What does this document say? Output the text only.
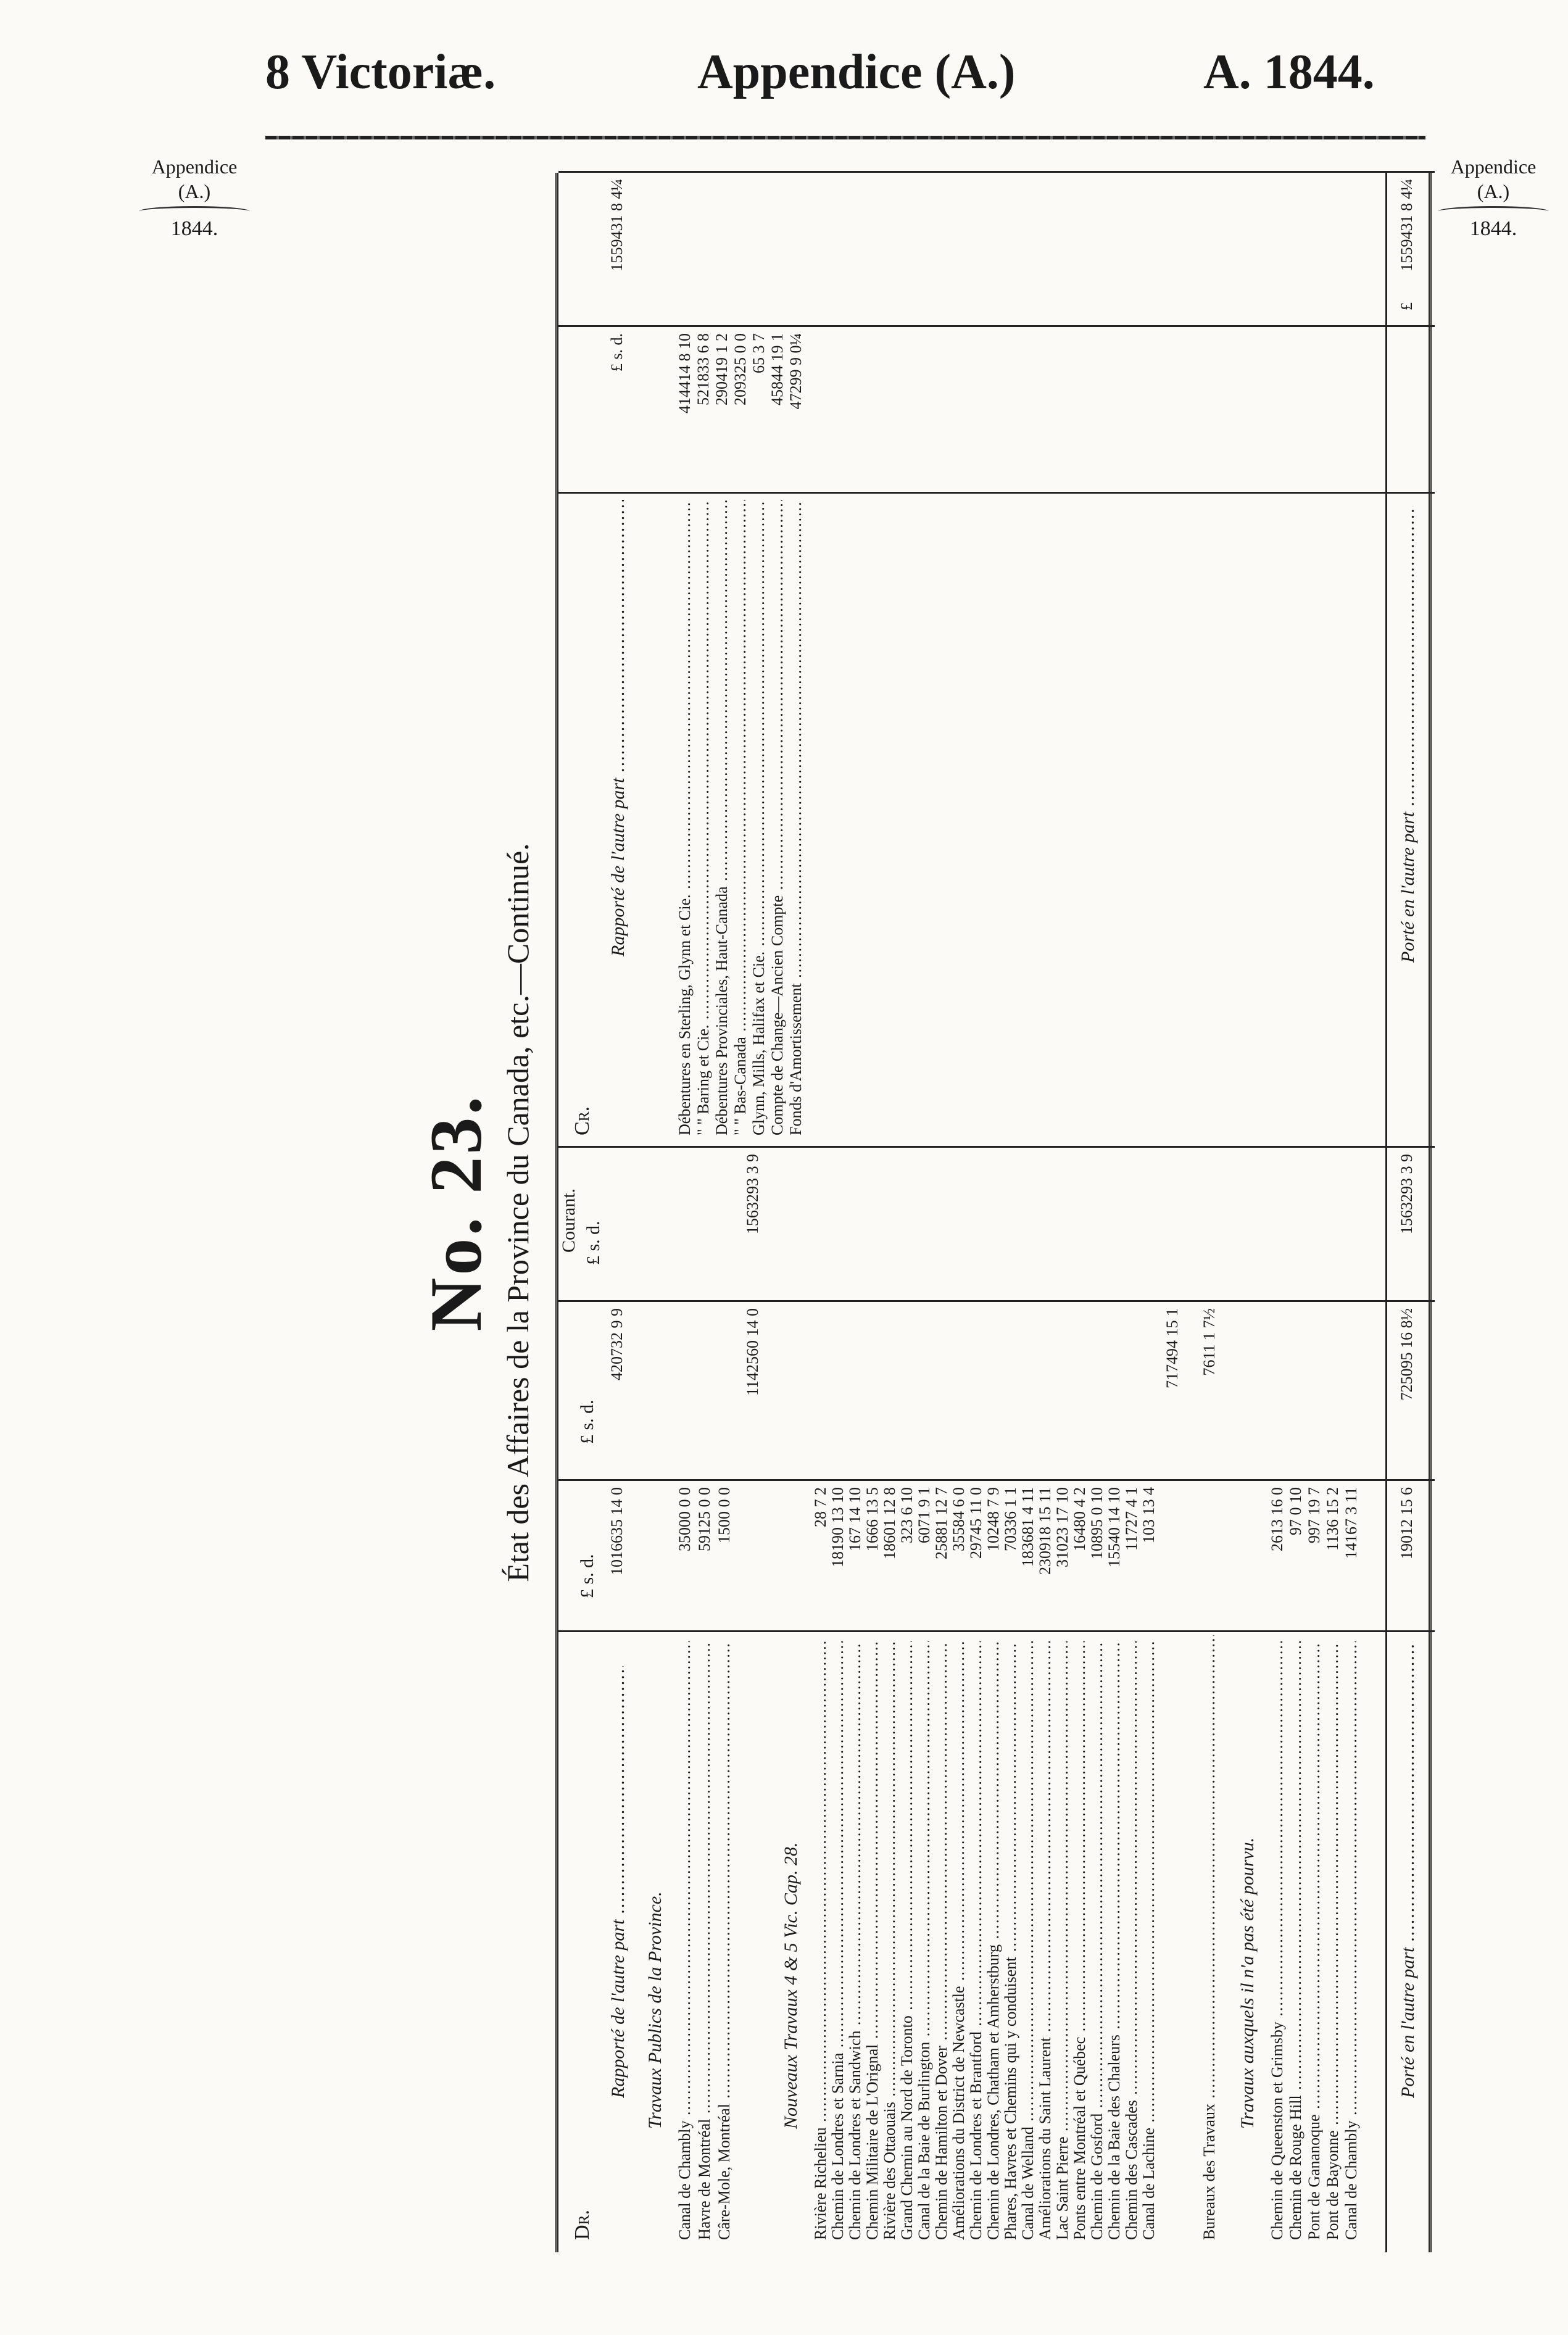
8 Victoriæ.	Appendice (A.)	A. 1844.
Appendice
(A.)
1844.
Appendice
(A.)
1844.
No. 23. État des Affaires de la Province du Canada, etc.—Continué.
Dr.
£ s. d.
£ s. d.
Courant. £ s. d.
Rapporté de l'autre part .....
1016635 14 0
420732 9 9
Travaux Publics de la Province.
Canal de Chambly .....
35000 0 0
Havre de Montréal .....
59125 0 0
Câre-Mole, Montréal .....
1500 0 0
1142560 14 0
Nouveaux Travaux 4 & 5 Vic. Cap. 28.
Rivière Richelieu .....
28 7 2
Chemin de Londres et Sarnia .....
18190 13 10
Chemin de Londres et Sandwich .....
167 14 10
Chemin Militaire de L'Orignal .....
1666 13 5
Rivière des Ottaouais .....
18601 12 8
Grand Chemin au Nord de Toronto .....
323 6 10
Canal de la Baie de Burlington .....
6071 9 1
Chemin de Hamilton et Dover .....
25881 12 7
Améliorations du District de Newcastle .....
35584 6 0
Chemin de Londres et Brantford .....
29745 11 0
Chemin de Londres, Chatham et Amherstburg .....
10248 7 9
Phares, Havres et Chemins qui y conduisent .....
70336 1 1
Canal de Welland .....
183681 4 11
Améliorations du Saint Laurent .....
230918 15 11
Lac Saint Pierre .....
31023 17 10
Ponts entre Montréal et Québec .....
16480 4 2
Chemin de Gosford .....
10895 0 10
Chemin de la Baie des Chaleurs .....
15540 14 10
Chemin des Cascades .....
11727 4 1
Canal de Lachine .....
103 13 4
717494 15 1
Bureaux des Travaux .....
7611 1 7½
Travaux auxquels il n'a pas été pourvu.
Chemin de Queenston et Grimsby .....
2613 16 0
Chemin de Rouge Hill .....
97 0 10
Pont de Gananoque .....
997 19 7
Pont de Bayonne .....
1136 15 2
Canal de Chambly .....
14167 3 11
1563293 3 9
Porté en l'autre part .....
19012 15 6
725095 16 8½
1563293 3 9
Cr.
Rapporté de l'autre part .....
Débentures en Sterling, Glynn et Cie. .....
414414 8 10
" " Baring et Cie. .....
521833 6 8
Débentures Provinciales, Haut-Canada .....
290419 1 2
" " Bas-Canada .....
209325 0 0
Glynn, Mills, Halifax et Cie. .....
65 3 7
Compte de Change—Ancien Compte .....
45844 19 1
Fonds d'Amortissement .....
47299 9 0¼
£ s. d.
1559431 8 4¼
Porté en l'autre part .....
£
1559431 8 4¼
